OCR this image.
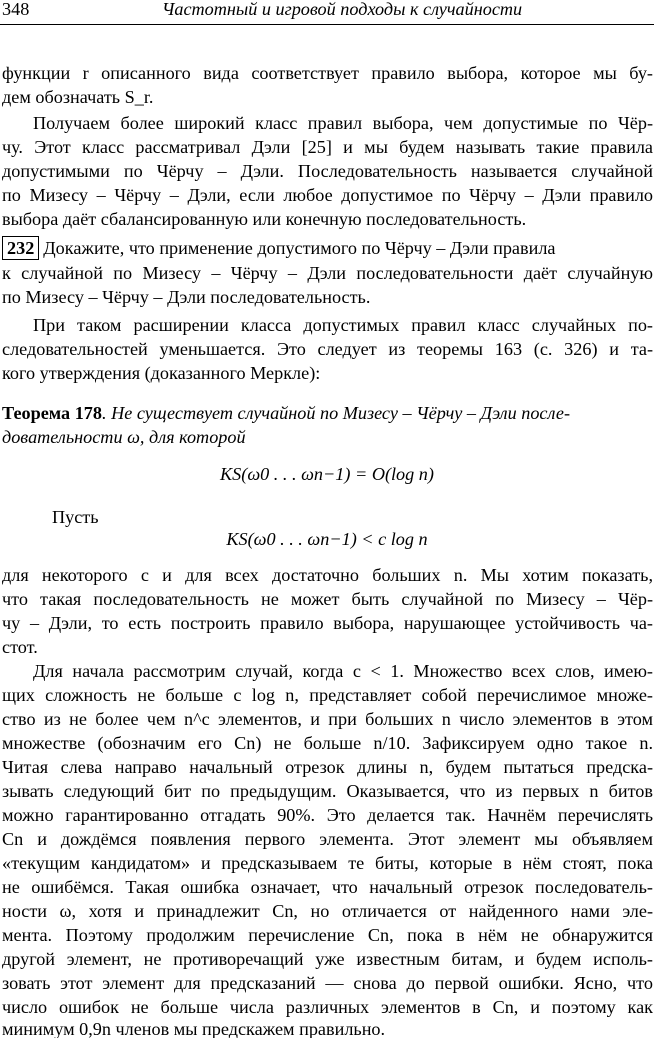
348	Частотный и игровой подходы к случайности
функции r описанного вида соответствует правило выбора, которое мы бу-
дем обозначать S_r.
Получаем более широкий класс правил выбора, чем допустимые по Чёр-
чу. Этот класс рассматривал Дэли [25] и мы будем называть такие правила
допустимыми по Чёрчу – Дэли. Последовательность называется случайной
по Мизесу – Чёрчу – Дэли, если любое допустимое по Чёрчу – Дэли правило
выбора даёт сбалансированную или конечную последовательность.
232 Докажите, что применение допустимого по Чёрчу – Дэли правила
к случайной по Мизесу – Чёрчу – Дэли последовательности даёт случайную
по Мизесу – Чёрчу – Дэли последовательность.
При таком расширении класса допустимых правил класс случайных по-
следовательностей уменьшается. Это следует из теоремы 163 (с. 326) и та-
кого утверждения (доказанного Меркле):
Теорема 178. Не существует случайной по Мизесу – Чёрчу – Дэли после-
довательности ω, для которой
KS(ω0 . . . ωn−1) = O(log n)
Пусть
KS(ω0 . . . ωn−1) < c log n
для некоторого c и для всех достаточно больших n. Мы хотим показать,
что такая последовательность не может быть случайной по Мизесу – Чёр-
чу – Дэли, то есть построить правило выбора, нарушающее устойчивость ча-
стот.
Для начала рассмотрим случай, когда c < 1. Множество всех слов, имею-
щих сложность не больше c log n, представляет собой перечислимое множе-
ство из не более чем n^c элементов, и при больших n число элементов в этом
множестве (обозначим его Cn) не больше n/10. Зафиксируем одно такое n.
Читая слева направо начальный отрезок длины n, будем пытаться предска-
зывать следующий бит по предыдущим. Оказывается, что из первых n битов
можно гарантированно отгадать 90%. Это делается так. Начнём перечислять
Cn и дождёмся появления первого элемента. Этот элемент мы объявляем
«текущим кандидатом» и предсказываем те биты, которые в нём стоят, пока
не ошибёмся. Такая ошибка означает, что начальный отрезок последователь-
ности ω, хотя и принадлежит Cn, но отличается от найденного нами эле-
мента. Поэтому продолжим перечисление Cn, пока в нём не обнаружится
другой элемент, не противоречащий уже известным битам, и будем исполь-
зовать этот элемент для предсказаний — снова до первой ошибки. Ясно, что
число ошибок не больше числа различных элементов в Cn, и поэтому как
минимум 0,9n членов мы предскажем правильно.
